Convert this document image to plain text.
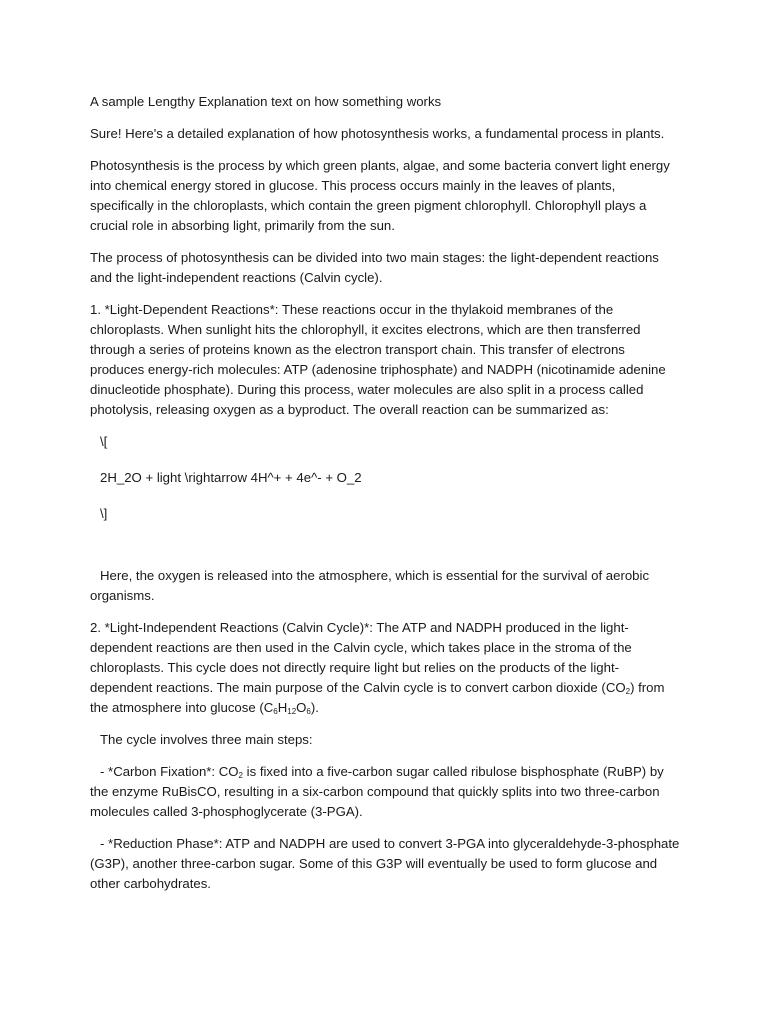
A sample Lengthy Explanation text on how something works

Sure! Here's a detailed explanation of how photosynthesis works, a fundamental process in plants.

Photosynthesis is the process by which green plants, algae, and some bacteria convert light energy into chemical energy stored in glucose. This process occurs mainly in the leaves of plants, specifically in the chloroplasts, which contain the green pigment chlorophyll. Chlorophyll plays a crucial role in absorbing light, primarily from the sun.

The process of photosynthesis can be divided into two main stages: the light-dependent reactions and the light-independent reactions (Calvin cycle).

1. *Light-Dependent Reactions*: These reactions occur in the thylakoid membranes of the chloroplasts. When sunlight hits the chlorophyll, it excites electrons, which are then transferred through a series of proteins known as the electron transport chain. This transfer of electrons produces energy-rich molecules: ATP (adenosine triphosphate) and NADPH (nicotinamide adenine dinucleotide phosphate). During this process, water molecules are also split in a process called photolysis, releasing oxygen as a byproduct. The overall reaction can be summarized as:

\[
2H_2O + light \rightarrow 4H^+ + 4e^- + O_2
\]

Here, the oxygen is released into the atmosphere, which is essential for the survival of aerobic organisms.

2. *Light-Independent Reactions (Calvin Cycle)*: The ATP and NADPH produced in the light-dependent reactions are then used in the Calvin cycle, which takes place in the stroma of the chloroplasts. This cycle does not directly require light but relies on the products of the light-dependent reactions. The main purpose of the Calvin cycle is to convert carbon dioxide $(CO_2)$ from the atmosphere into glucose $(C_6H_{12}O_6)$.

The cycle involves three main steps:

- *Carbon Fixation*: $CO_2$ is fixed into a five-carbon sugar called ribulose bisphosphate (RuBP) by the enzyme RuBisCO, resulting in a six-carbon compound that quickly splits into two three-carbon molecules called 3-phosphoglycerate (3-PGA).

- *Reduction Phase*: ATP and NADPH are used to convert 3-PGA into glyceraldehyde-3-phosphate (G3P), another three-carbon sugar. Some of this G3P will eventually be used to form glucose and other carbohydrates.
